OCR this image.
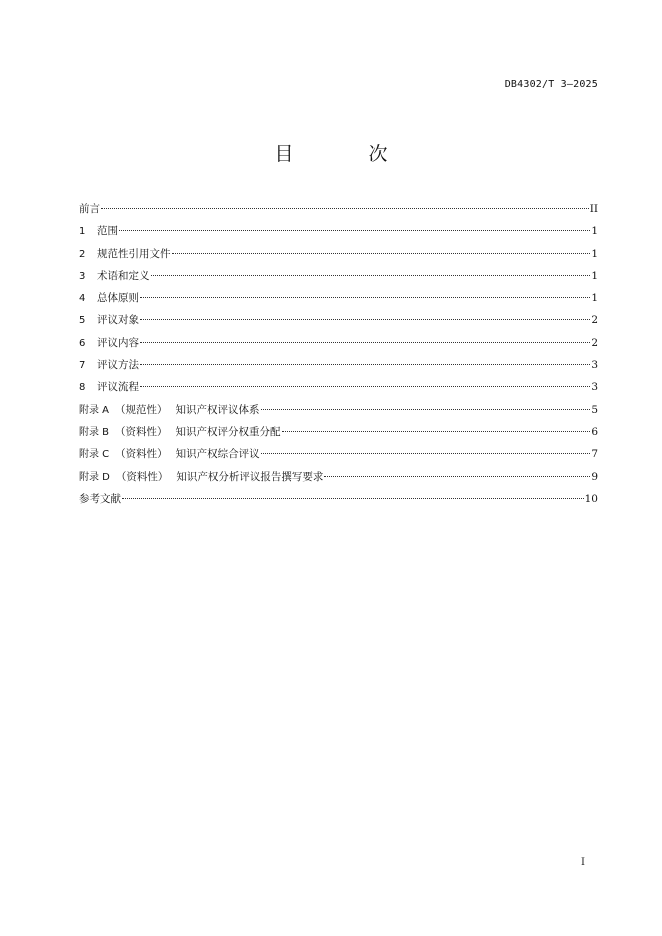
DB4302/T 3—2025
目　次
前言	II
1	范围	1
2	规范性引用文件	1
3	术语和定义	1
4	总体原则	1
5	评议对象	2
6	评议内容	2
7	评议方法	3
8	评议流程	3
附录 A （规范性） 知识产权评议体系	5
附录 B （资料性） 知识产权评分权重分配	6
附录 C （资料性） 知识产权综合评议	7
附录 D （资料性） 知识产权分析评议报告撰写要求	9
参考文献	10
I
